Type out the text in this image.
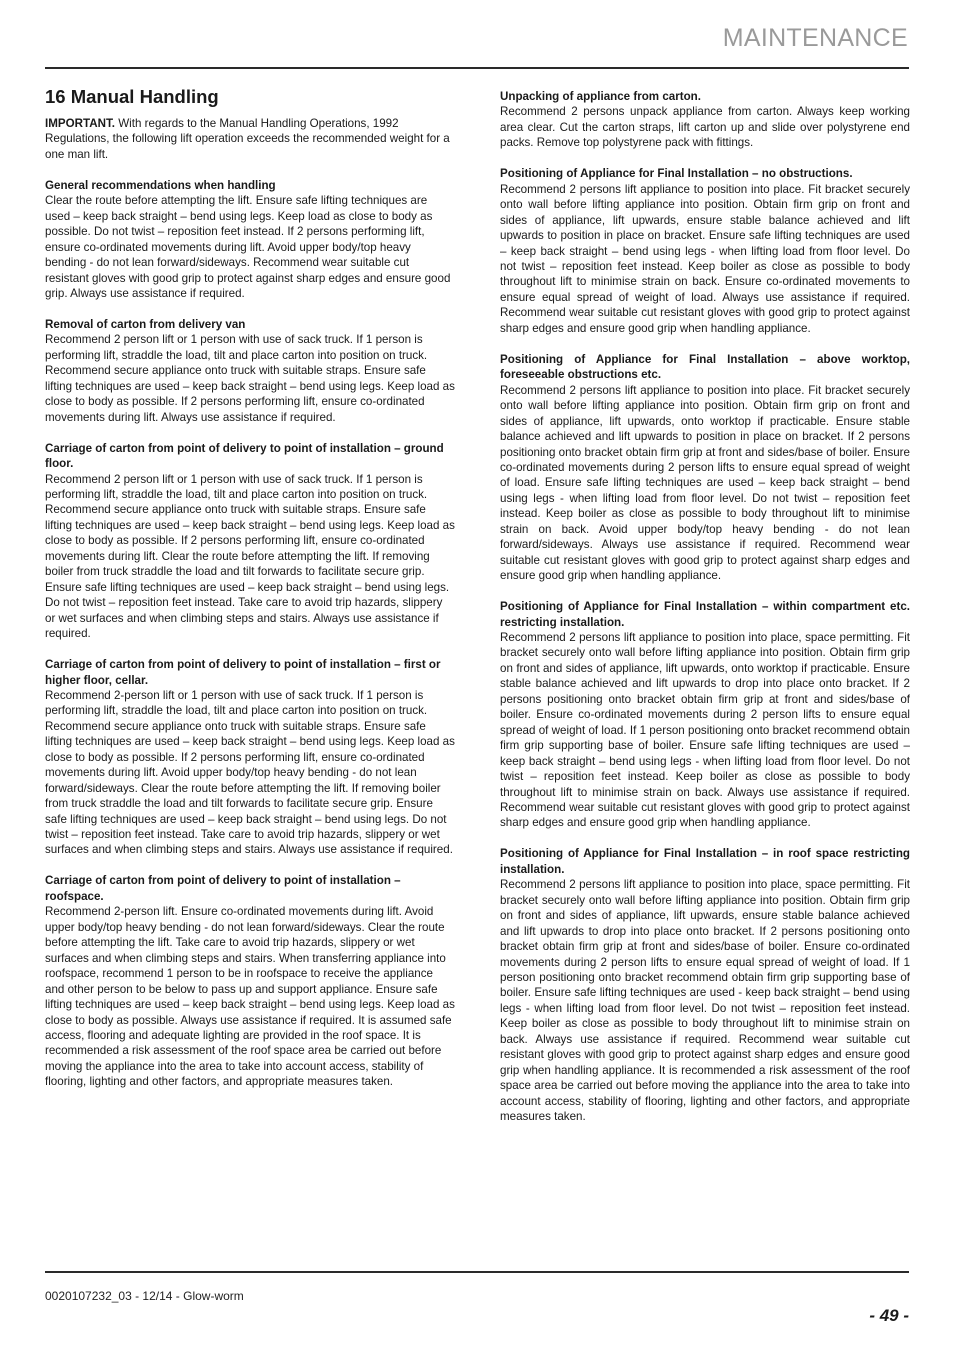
MAINTENANCE
16 Manual Handling

IMPORTANT. With regards to the Manual Handling Operations, 1992 Regulations, the following lift operation exceeds the recommended weight for a one man lift.

General recommendations when handling
Clear the route before attempting the lift. Ensure safe lifting techniques are used – keep back straight – bend using legs. Keep load as close to body as possible. Do not twist – reposition feet instead. If 2 persons performing lift, ensure co-ordinated movements during lift. Avoid upper body/top heavy bending - do not lean forward/sideways. Recommend wear suitable cut resistant gloves with good grip to protect against sharp edges and ensure good grip. Always use assistance if required.

Removal of carton from delivery van
Recommend 2 person lift or 1 person with use of sack truck. If 1 person is performing lift, straddle the load, tilt and place carton into position on truck. Recommend secure appliance onto truck with suitable straps. Ensure safe lifting techniques are used – keep back straight – bend using legs. Keep load as close to body as possible. If 2 persons performing lift, ensure co-ordinated movements during lift. Always use assistance if required.

Carriage of carton from point of delivery to point of installation – ground floor.
Recommend 2 person lift or 1 person with use of sack truck. If 1 person is performing lift, straddle the load, tilt and place carton into position on truck. Recommend secure appliance onto truck with suitable straps. Ensure safe lifting techniques are used – keep back straight – bend using legs. Keep load as close to body as possible. If 2 persons performing lift, ensure co-ordinated movements during lift. Clear the route before attempting the lift. If removing boiler from truck straddle the load and tilt forwards to facilitate secure grip. Ensure safe lifting techniques are used – keep back straight – bend using legs. Do not twist – reposition feet instead. Take care to avoid trip hazards, slippery or wet surfaces and when climbing steps and stairs. Always use assistance if required.

Carriage of carton from point of delivery to point of installation – first or higher floor, cellar.
Recommend 2-person lift or 1 person with use of sack truck. If 1 person is performing lift, straddle the load, tilt and place carton into position on truck. Recommend secure appliance onto truck with suitable straps. Ensure safe lifting techniques are used – keep back straight – bend using legs. Keep load as close to body as possible. If 2 persons performing lift, ensure co-ordinated movements during lift. Avoid upper body/top heavy bending - do not lean forward/sideways. Clear the route before attempting the lift. If removing boiler from truck straddle the load and tilt forwards to facilitate secure grip. Ensure safe lifting techniques are used – keep back straight – bend using legs. Do not twist – reposition feet instead. Take care to avoid trip hazards, slippery or wet surfaces and when climbing steps and stairs. Always use assistance if required.

Carriage of carton from point of delivery to point of installation – roofspace.
Recommend 2-person lift. Ensure co-ordinated movements during lift. Avoid upper body/top heavy bending - do not lean forward/sideways. Clear the route before attempting the lift. Take care to avoid trip hazards, slippery or wet surfaces and when climbing steps and stairs. When transferring appliance into roofspace, recommend 1 person to be in roofspace to receive the appliance and other person to be below to pass up and support appliance. Ensure safe lifting techniques are used – keep back straight – bend using legs. Keep load as close to body as possible. Always use assistance if required. It is assumed safe access, flooring and adequate lighting are provided in the roof space. It is recommended a risk assessment of the roof space area be carried out before moving the appliance into the area to take into account access, stability of flooring, lighting and other factors, and appropriate measures taken.

Unpacking of appliance from carton.
Recommend 2 persons unpack appliance from carton. Always keep working area clear. Cut the carton straps, lift carton up and slide over polystyrene end packs. Remove top polystyrene pack with fittings.

Positioning of Appliance for Final Installation – no obstructions.
Recommend 2 persons lift appliance to position into place. Fit bracket securely onto wall before lifting appliance into position. Obtain firm grip on front and sides of appliance, lift upwards, ensure stable balance achieved and lift upwards to position in place on bracket. Ensure safe lifting techniques are used – keep back straight – bend using legs - when lifting load from floor level. Do not twist – reposition feet instead. Keep boiler as close as possible to body throughout lift to minimise strain on back. Ensure co-ordinated movements to ensure equal spread of weight of load. Always use assistance if required. Recommend wear suitable cut resistant gloves with good grip to protect against sharp edges and ensure good grip when handling appliance.

Positioning of Appliance for Final Installation – above worktop, foreseeable obstructions etc.
Recommend 2 persons lift appliance to position into place. Fit bracket securely onto wall before lifting appliance into position. Obtain firm grip on front and sides of appliance, lift upwards, onto worktop if practicable. Ensure stable balance achieved and lift upwards to position in place on bracket. If 2 persons positioning onto bracket obtain firm grip at front and sides/base of boiler. Ensure co-ordinated movements during 2 person lifts to ensure equal spread of weight of load. Ensure safe lifting techniques are used – keep back straight – bend using legs - when lifting load from floor level. Do not twist – reposition feet instead. Keep boiler as close as possible to body throughout lift to minimise strain on back. Avoid upper body/top heavy bending - do not lean forward/sideways. Always use assistance if required. Recommend wear suitable cut resistant gloves with good grip to protect against sharp edges and ensure good grip when handling appliance.

Positioning of Appliance for Final Installation – within compartment etc. restricting installation.
Recommend 2 persons lift appliance to position into place, space permitting. Fit bracket securely onto wall before lifting appliance into position. Obtain firm grip on front and sides of appliance, lift upwards, onto worktop if practicable. Ensure stable balance achieved and lift upwards to drop into place onto bracket. If 2 persons positioning onto bracket obtain firm grip at front and sides/base of boiler. Ensure co-ordinated movements during 2 person lifts to ensure equal spread of weight of load. If 1 person positioning onto bracket recommend obtain firm grip supporting base of boiler. Ensure safe lifting techniques are used – keep back straight – bend using legs - when lifting load from floor level. Do not twist – reposition feet instead. Keep boiler as close as possible to body throughout lift to minimise strain on back. Always use assistance if required. Recommend wear suitable cut resistant gloves with good grip to protect against sharp edges and ensure good grip when handling appliance.

Positioning of Appliance for Final Installation – in roof space restricting installation.
Recommend 2 persons lift appliance to position into place, space permitting. Fit bracket securely onto wall before lifting appliance into position. Obtain firm grip on front and sides of appliance, lift upwards, ensure stable balance achieved and lift upwards to drop into place onto bracket. If 2 persons positioning onto bracket obtain firm grip at front and sides/base of boiler. Ensure co-ordinated movements during 2 person lifts to ensure equal spread of weight of load. If 1 person positioning onto bracket recommend obtain firm grip supporting base of boiler. Ensure safe lifting techniques are used - keep back straight – bend using legs - when lifting load from floor level. Do not twist – reposition feet instead. Keep boiler as close as possible to body throughout lift to minimise strain on back. Always use assistance if required. Recommend wear suitable cut resistant gloves with good grip to protect against sharp edges and ensure good grip when handling appliance. It is recommended a risk assessment of the roof space area be carried out before moving the appliance into the area to take into account access, stability of flooring, lighting and other factors, and appropriate measures taken.

0020107232_03 - 12/14 - Glow-worm
- 49 -
